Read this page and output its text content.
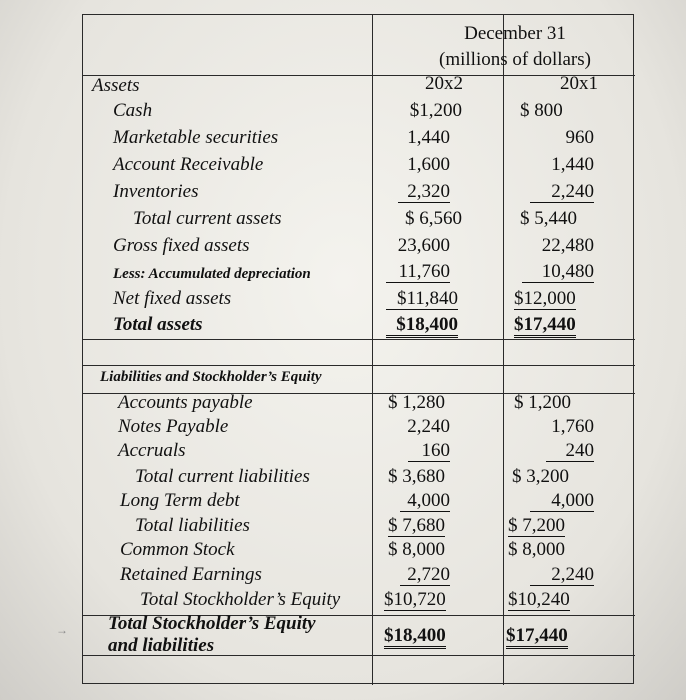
December 31
(millions of dollars)
20x2	20x1
Assets
Cash
Marketable securities
Account Receivable
Inventories
Total current assets
Gross fixed assets
Less: Accumulated depreciation
Net fixed assets
Total assets
$1,200
1,440
1,600
2,320
$ 6,560
23,600
11,760
$11,840
$18,400
$ 800
960
1,440
2,240
$ 5,440
22,480
10,480
$12,000
$17,440
Liabilities and Stockholder’s Equity
Accounts payable
Notes Payable
Accruals
Total current liabilities
Long Term debt
Total liabilities
Common Stock
Retained Earnings
Total Stockholder’s Equity
Total Stockholder’s Equity
and liabilities
$ 1,280
2,240
160
$ 3,680
4,000
$ 7,680
$ 8,000
2,720
$10,720
$18,400
$ 1,200
1,760
240
$ 3,200
4,000
$ 7,200
$ 8,000
2,240
$10,240
$17,440
→
